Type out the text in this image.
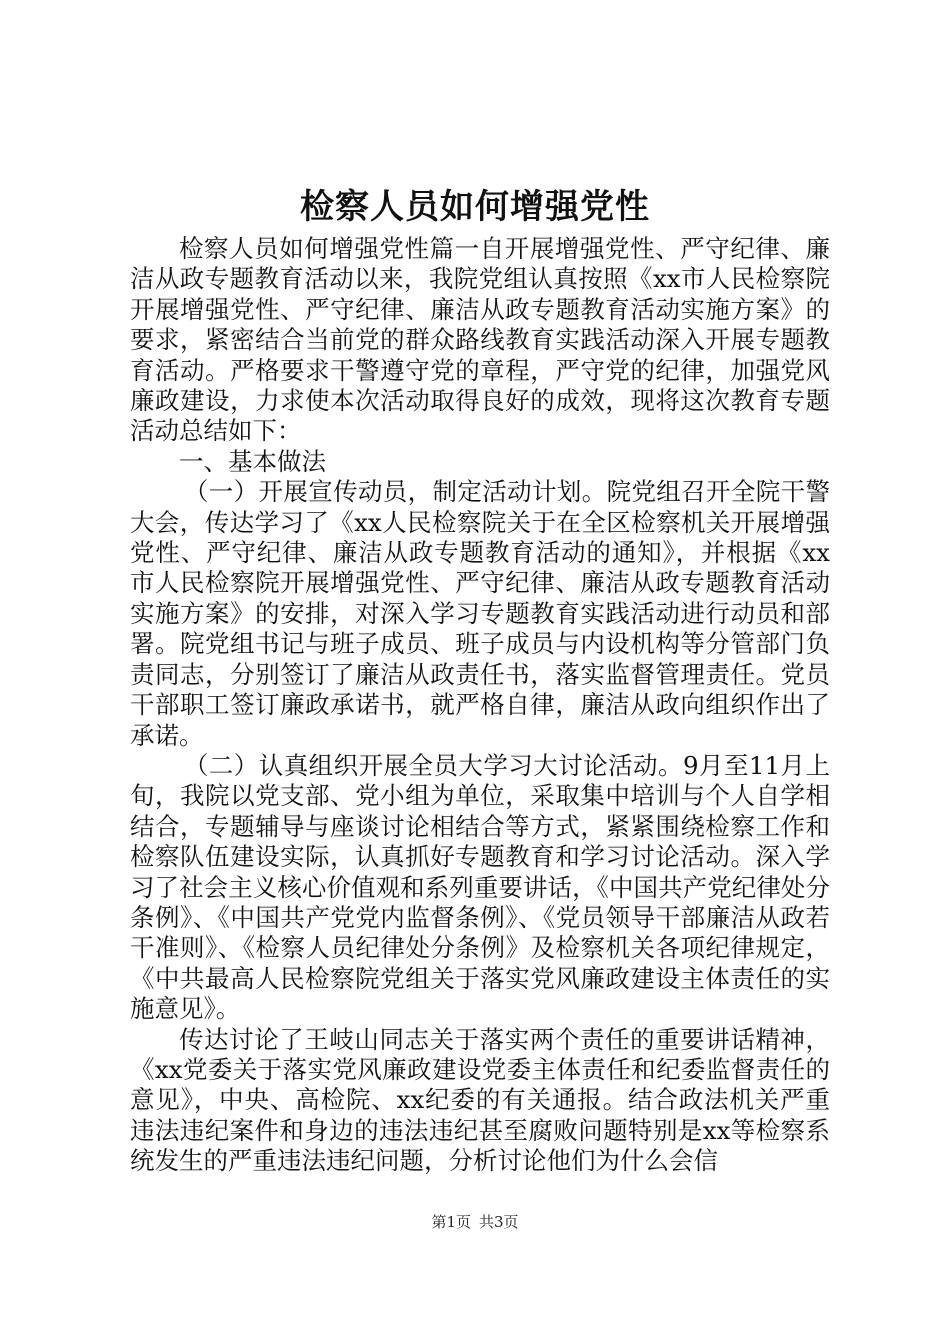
检察人员如何增强党性

检察人员如何增强党性篇一自开展增强党性、严守纪律、廉洁从政专题教育活动以来，我院党组认真按照《xx市人民检察院开展增强党性、严守纪律、廉洁从政专题教育活动实施方案》的要求，紧密结合当前党的群众路线教育实践活动深入开展专题教育活动。严格要求干警遵守党的章程，严守党的纪律，加强党风廉政建设，力求使本次活动取得良好的成效，现将这次教育专题活动总结如下：

一、基本做法

（一）开展宣传动员，制定活动计划。院党组召开全院干警大会，传达学习了《xx人民检察院关于在全区检察机关开展增强党性、严守纪律、廉洁从政专题教育活动的通知》，并根据《xx市人民检察院开展增强党性、严守纪律、廉洁从政专题教育活动实施方案》的安排，对深入学习专题教育实践活动进行动员和部署。院党组书记与班子成员、班子成员与内设机构等分管部门负责同志，分别签订了廉洁从政责任书，落实监督管理责任。党员干部职工签订廉政承诺书，就严格自律，廉洁从政向组织作出了承诺。

（二）认真组织开展全员大学习大讨论活动。9月至11月上旬，我院以党支部、党小组为单位，采取集中培训与个人自学相结合，专题辅导与座谈讨论相结合等方式，紧紧围绕检察工作和检察队伍建设实际，认真抓好专题教育和学习讨论活动。深入学习了社会主义核心价值观和系列重要讲话，《中国共产党纪律处分条例》、《中国共产党党内监督条例》、《党员领导干部廉洁从政若干准则》、《检察人员纪律处分条例》及检察机关各项纪律规定，《中共最高人民检察院党组关于落实党风廉政建设主体责任的实施意见》。

传达讨论了王岐山同志关于落实两个责任的重要讲话精神，《xx党委关于落实党风廉政建设党委主体责任和纪委监督责任的意见》，中央、高检院、xx纪委的有关通报。结合政法机关严重违法违纪案件和身边的违法违纪甚至腐败问题特别是xx等检察系统发生的严重违法违纪问题，分析讨论他们为什么会信

第1页 共3页
